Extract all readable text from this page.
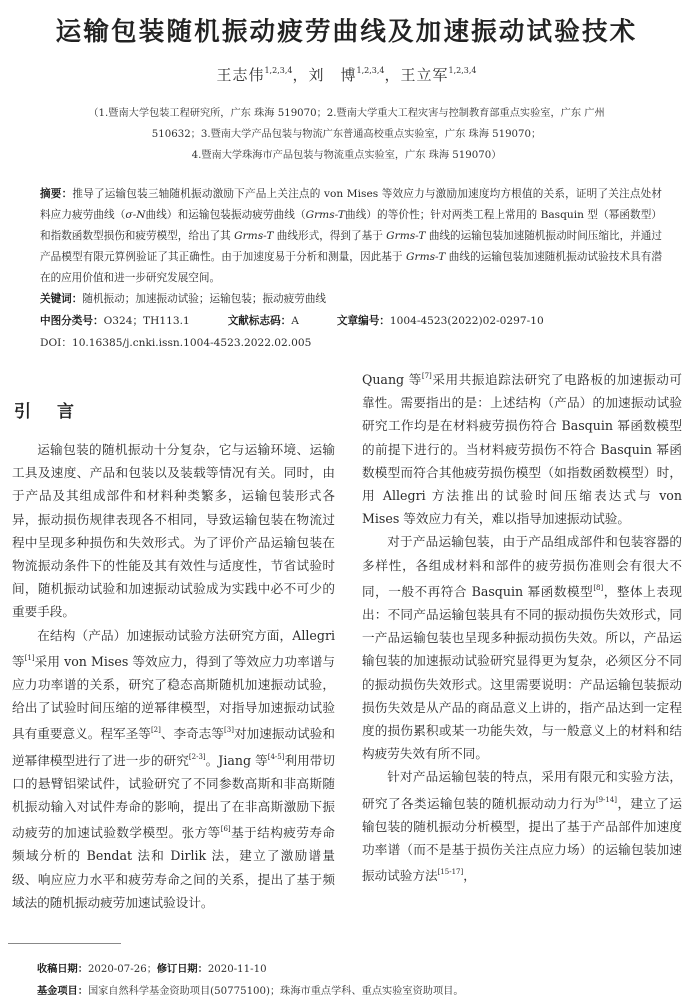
运输包装随机振动疲劳曲线及加速振动试验技术
王志伟$^{1,2,3,4}$，刘　博$^{1,2,3,4}$，王立军$^{1,2,3,4}$
（1.暨南大学包装工程研究所，广东 珠海 519070；2.暨南大学重大工程灾害与控制教育部重点实验室，广东 广州
510632；3.暨南大学产品包装与物流广东普通高校重点实验室，广东 珠海 519070；
4.暨南大学珠海市产品包装与物流重点实验室，广东 珠海 519070）
摘要：推导了运输包装三轴随机振动激励下产品上关注点的 von Mises 等效应力与激励加速度均方根值的关系，证明了关注点处材料应力疲劳曲线（σ-N曲线）和运输包装振动疲劳曲线（Grms-T曲线）的等价性；针对两类工程上常用的 Basquin 型（幂函数型）和指数函数型损伤和疲劳模型，给出了其 Grms-T 曲线形式，得到了基于 Grms-T 曲线的运输包装加速随机振动时间压缩比，并通过产品模型有限元算例验证了其正确性。由于加速度易于分析和测量，因此基于 Grms-T 曲线的运输包装加速随机振动试验技术具有潜在的应用价值和进一步研究发展空间。
关键词：随机振动；加速振动试验；运输包装；振动疲劳曲线
中图分类号：O324；TH113.1	文献标志码：A	文章编号：1004-4523(2022)02-0297-10
DOI：10.16385/j.cnki.issn.1004-4523.2022.02.005
引言

运输包装的随机振动十分复杂，它与运输环境、运输工具及速度、产品和包装以及装载等情况有关。同时，由于产品及其组成部件和材料种类繁多，运输包装形式各异，振动损伤规律表现各不相同，导致运输包装在物流过程中呈现多种损伤和失效形式。为了评价产品运输包装在物流振动条件下的性能及其有效性与适度性，节省试验时间，随机振动试验和加速振动试验成为实践中必不可少的重要手段。

在结构（产品）加速振动试验方法研究方面，Allegri 等[1]采用 von Mises 等效应力，得到了等效应力功率谱与应力功率谱的关系，研究了稳态高斯随机加速振动试验，给出了试验时间压缩的逆幂律模型，对指导加速振动试验具有重要意义。程军圣等[2]、李奇志等[3]对加速振动试验和逆幂律模型进行了进一步的研究[2-3]。Jiang 等[4-5]利用带切口的悬臂铝梁试件，试验研究了不同参数高斯和非高斯随机振动输入对试件寿命的影响，提出了在非高斯激励下振动疲劳的加速试验数学模型。张方等[6]基于结构疲劳寿命频域分析的 Bendat 法和 Dirlik 法，建立了激励谱量级、响应应力水平和疲劳寿命之间的关系，提出了基于频域法的随机振动疲劳加速试验设计。

Quang 等[7]采用共振追踪法研究了电路板的加速振动可靠性。需要指出的是：上述结构（产品）的加速振动试验研究工作均是在材料疲劳损伤符合 Basquin 幂函数模型的前提下进行的。当材料疲劳损伤不符合 Basquin 幂函数模型而符合其他疲劳损伤模型（如指数函数模型）时，用 Allegri 方法推出的试验时间压缩表达式与 von Mises 等效应力有关，难以指导加速振动试验。

对于产品运输包装，由于产品组成部件和包装容器的多样性，各组成材料和部件的疲劳损伤准则会有很大不同，一般不再符合 Basquin 幂函数模型[8]，整体上表现出：不同产品运输包装具有不同的振动损伤失效形式，同一产品运输包装也呈现多种振动损伤失效。所以，产品运输包装的加速振动试验研究显得更为复杂，必须区分不同的振动损伤失效形式。这里需要说明：产品运输包装振动损伤失效是从产品的商品意义上讲的，指产品达到一定程度的损伤累积或某一功能失效，与一般意义上的材料和结构疲劳失效有所不同。

针对产品运输包装的特点，采用有限元和实验方法，研究了各类运输包装的随机振动动力行为[9-14]，建立了运输包装的随机振动分析模型，提出了基于产品部件加速度功率谱（而不是基于损伤关注点应力场）的运输包装加速振动试验方法[15-17]，

收稿日期：2020-07-26；修订日期：2020-11-10
基金项目：国家自然科学基金资助项目(50775100)；珠海市重点学科、重点实验室资助项目。
